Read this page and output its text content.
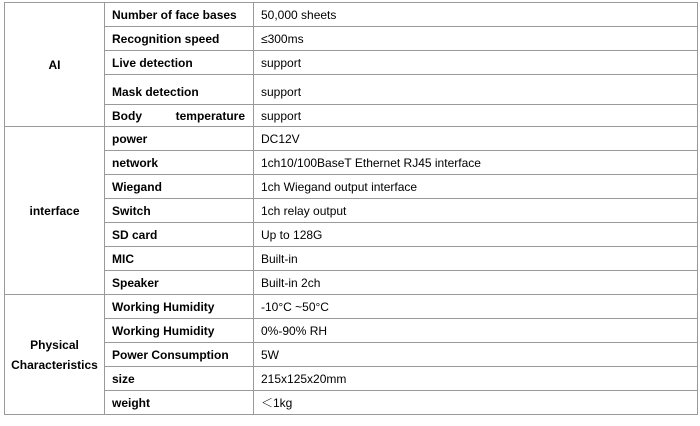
AI	Number of face bases	50,000 sheets
	Recognition speed	≤300ms
	Live detection	support
	Mask detection	support

	Body temperature	support
interface	power	DC12V
	network	1ch10/100BaseT Ethernet RJ45 interface
	Wiegand	1ch Wiegand output interface
	Switch	1ch relay output
	SD card	Up to 128G
	MIC	Built-in
	Speaker	Built-in 2ch
Physical
Characteristics	Working Humidity	-10°C ~50°C
	Working Humidity	0%-90% RH
	Power Consumption	5W
	size	215x125x20mm
	weight	＜1kg
